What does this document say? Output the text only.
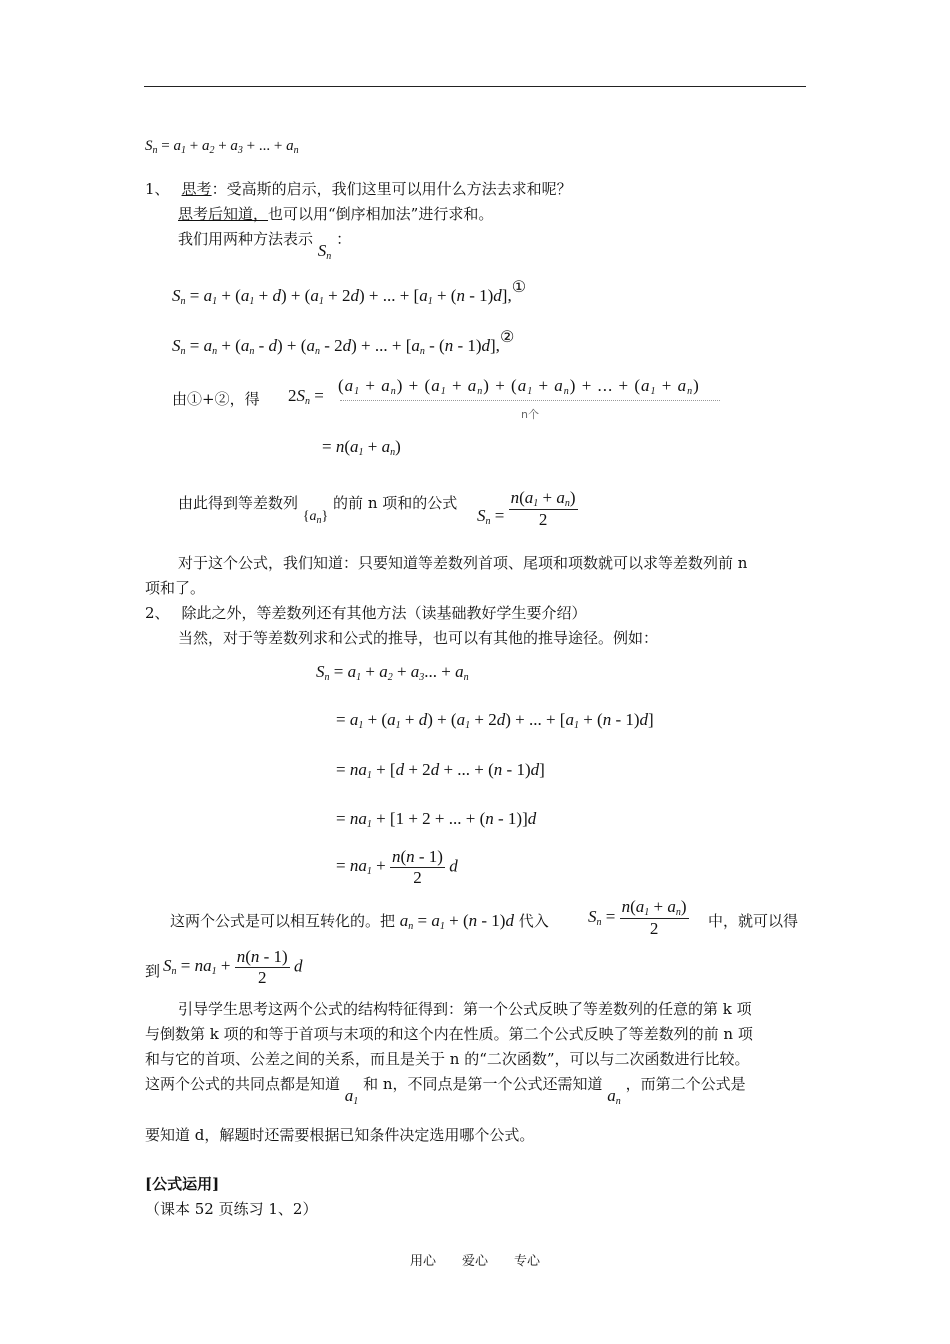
$S_n = a_1 + a_2 + a_3$ + ... + $a_n$
1、 思考：受高斯的启示，我们这里可以用什么方法去求和呢？
思考后知道，也可以用“倒序相加法”进行求和。
我们用两种方法表示 $S_n$ ：
$S_n = a_1 + (a_1 + d) + (a_1 + 2d)$ + ... + [$a_1 + (n$ - 1)d],①
$S_n = a_n + (a_n - d) + (a_n - 2d)$ + ... + [$a_n - (n$ - 1)d],②
由①+②，得 $2S_n$ =
$(a_1 + a_n) + (a_1 + a_n) + (a_1 + a_n)$ + ... + $(a_1 + a_n)$
n个
= $n(a_1 + a_n)$
由此得到等差数列 $\{a_n\}$ 的前 n 项和的公式
$S_n = \frac{n(a_1 + a_n)}{2}$
对于这个公式，我们知道：只要知道等差数列首项、尾项和项数就可以求等差数列前 n
项和了。
2、 除此之外，等差数列还有其他方法（读基础教好学生要介绍）
当然，对于等差数列求和公式的推导，也可以有其他的推导途径。例如：
$S_n = a_1 + a_2 + a_3$... + $a_n$
= $a_1 + (a_1 + d) + (a_1 + 2d)$ + ... + $[a_1 + (n - 1)d]$
= $na_1 + [d + 2d$ + ... + (n - 1)d]
= $na_1 + [1 + 2$ + ... + (n - 1)]d
= $na_1 + \frac{n(n - 1)}{2}$ d
这两个公式是可以相互转化的。把 $a_n = a_1 + (n - 1)d$ 代入 $S_n = \frac{n(a_1 + a_n)}{2}$ 中，就可以得
到 $S_n = na_1 + \frac{n(n - 1)}{2}$ d
引导学生思考这两个公式的结构特征得到：第一个公式反映了等差数列的任意的第 k 项
与倒数第 k 项的和等于首项与末项的和这个内在性质。第二个公式反映了等差数列的前 n 项
和与它的首项、公差之间的关系，而且是关于 n 的“二次函数”，可以与二次函数进行比较。
这两个公式的共同点都是知道 $a_1$ 和 n，不同点是第一个公式还需知道 $a_n$ ，而第二个公式是
要知道 d，解题时还需要根据已知条件决定选用哪个公式。
[公式运用]
（课本 52 页练习 1、2）
用心　　爱心　　专心
